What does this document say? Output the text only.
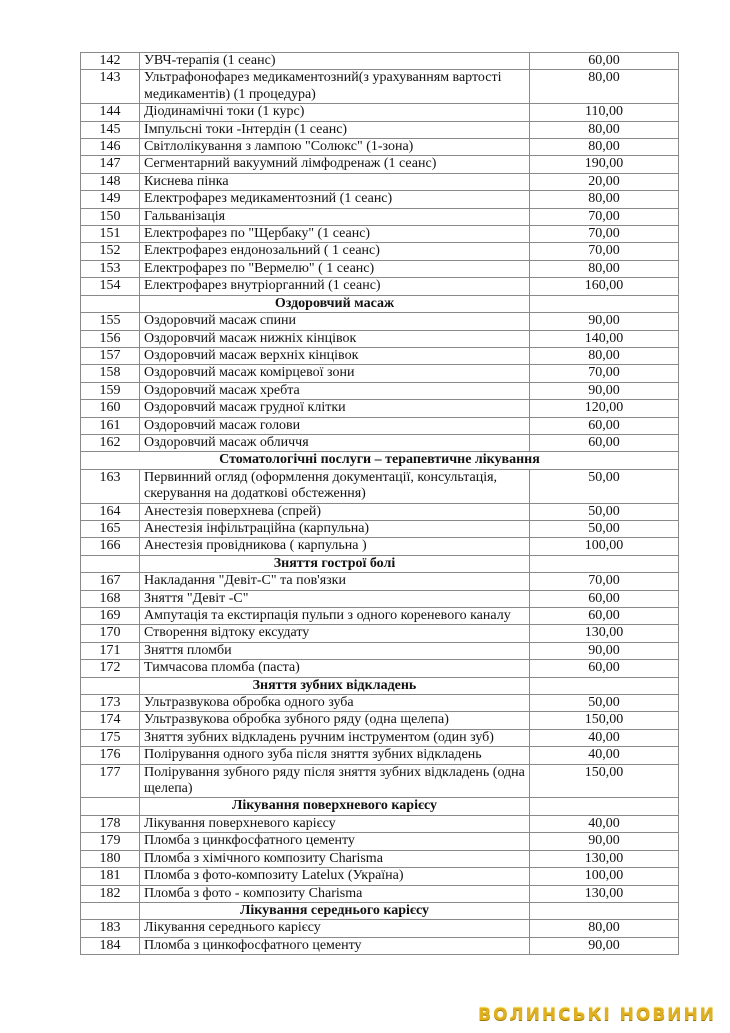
142	УВЧ-терапія (1 сеанс)	60,00
143	Ультрафонофарез медикаментозний(з урахуванням вартості медикаментів) (1 процедура)	80,00
144	Діодинамічні токи (1 курс)	110,00
145	Імпульсні токи -Інтердін (1 сеанс)	80,00
146	Світлолікування з лампою "Солюкс" (1-зона)	80,00
147	Сегментарний вакуумний лімфодренаж (1 сеанс)	190,00
148	Киснева пінка	20,00
149	Електрофарез медикаментозний (1 сеанс)	80,00
150	Гальванізація	70,00
151	Електрофарез по "Щербаку" (1 сеанс)	70,00
152	Електрофарез ендонозальний ( 1 сеанс)	70,00
153	Електрофарез по "Вермелю" ( 1 сеанс)	80,00
154	Електрофарез внутріорганний (1 сеанс)	160,00
	Оздоровчий масаж	
155	Оздоровчий масаж спини	90,00
156	Оздоровчий масаж нижніх кінцівок	140,00
157	Оздоровчий масаж верхніх кінцівок	80,00
158	Оздоровчий масаж комірцевої зони	70,00
159	Оздоровчий масаж хребта	90,00
160	Оздоровчий масаж грудної клітки	120,00
161	Оздоровчий масаж голови	60,00
162	Оздоровчий масаж обличчя	60,00
Стоматологічні послуги – терапевтичне лікування		
163	Первинний огляд (оформлення документації, консультація, скерування на додаткові обстеження)	50,00
164	Анестезія поверхнева (спрей)	50,00
165	Анестезія інфільтраційна (карпульна)	50,00
166	Анестезія провідникова ( карпульна )	100,00
	Зняття гострої болі	
167	Накладання "Девіт-С" та пов'язки	70,00
168	Зняття "Девіт -С"	60,00
169	Ампутація та екстирпація пульпи з одного кореневого каналу	60,00
170	Створення відтоку ексудату	130,00
171	Зняття пломби	90,00
172	Тимчасова пломба (паста)	60,00
	Зняття зубних відкладень	
173	Ультразвукова обробка одного зуба	50,00
174	Ультразвукова обробка зубного ряду (одна щелепа)	150,00
175	Зняття зубних відкладень ручним інструментом (один зуб)	40,00
176	Полірування одного зуба після зняття зубних відкладень	40,00
177	Полірування зубного ряду після зняття зубних відкладень (одна щелепа)	150,00
	Лікування поверхневого карієсу	
178	Лікування поверхневого карієсу	40,00
179	Пломба з цинкфосфатного цементу	90,00
180	Пломба з хімічного композиту Charisma	130,00
181	Пломба з фото-композиту Latelux (Україна)	100,00
182	Пломба з фото - композиту Charisma	130,00
	Лікування середнього карієсу	
183	Лікування середнього карієсу	80,00
184	Пломба з цинкофосфатного цементу	90,00
ВОЛИНСЬКІ НОВИНИ
